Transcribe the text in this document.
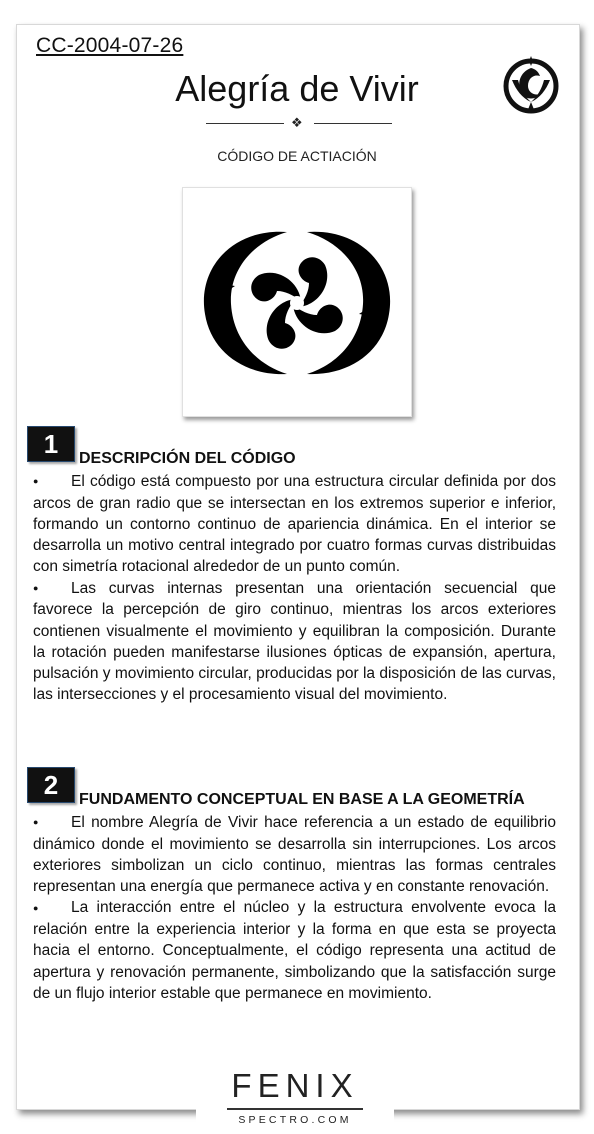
CC-2004-07-26
Alegría de Vivir
❖
CÓDIGO DE ACTIACIÓN
1	DESCRIPCIÓN DEL CÓDIGO

● El código está compuesto por una estructura circular definida por dos arcos de gran radio que se intersectan en los extremos superior e inferior, formando un contorno continuo de apariencia dinámica. En el interior se desarrolla un motivo central integrado por cuatro formas curvas distribuidas con simetría rotacional alrededor de un punto común.

● Las curvas internas presentan una orientación secuencial que favorece la percepción de giro continuo, mientras los arcos exteriores contienen visualmente el movimiento y equilibran la composición. Durante la rotación pueden manifestarse ilusiones ópticas de expansión, apertura, pulsación y movimiento circular, producidas por la disposición de las curvas, las intersecciones y el procesamiento visual del movimiento.

2	FUNDAMENTO CONCEPTUAL EN BASE A LA GEOMETRÍA

● El nombre Alegría de Vivir hace referencia a un estado de equilibrio dinámico donde el movimiento se desarrolla sin interrupciones. Los arcos exteriores simbolizan un ciclo continuo, mientras las formas centrales representan una energía que permanece activa y en constante renovación.

● La interacción entre el núcleo y la estructura envolvente evoca la relación entre la experiencia interior y la forma en que esta se proyecta hacia el entorno. Conceptualmente, el código representa una actitud de apertura y renovación permanente, simbolizando que la satisfacción surge de un flujo interior estable que permanece en movimiento.

FENIX
SPECTRO.COM
